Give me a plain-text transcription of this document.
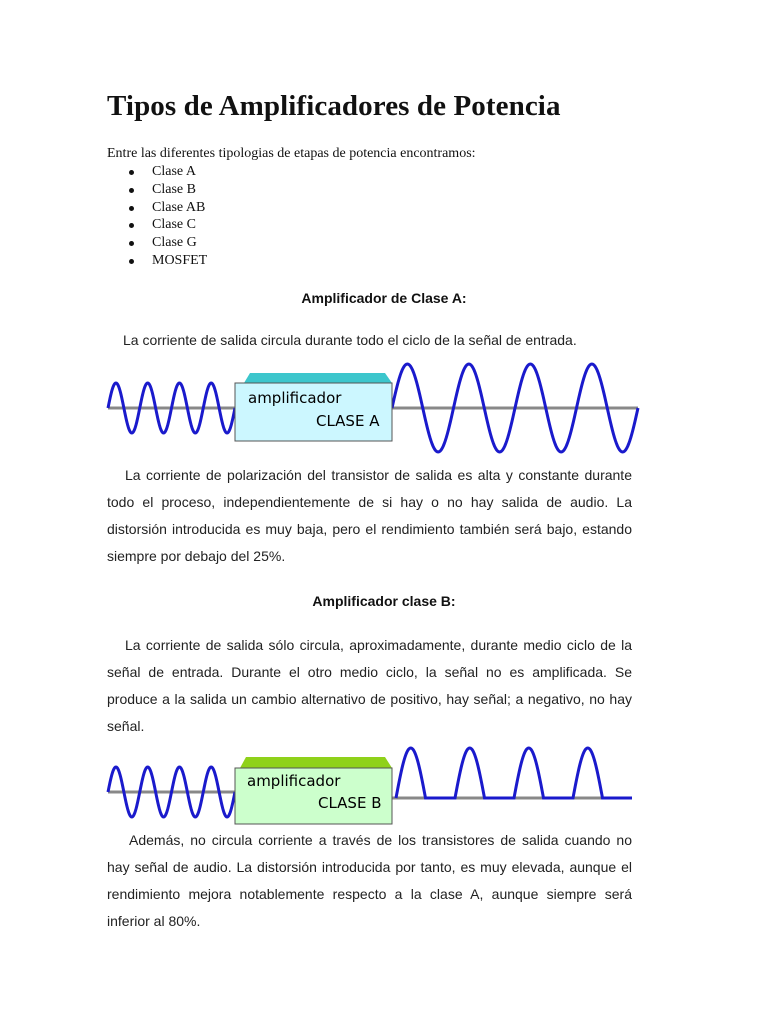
Tipos de Amplificadores de Potencia
Entre las diferentes tipologias de etapas de potencia encontramos:
Clase A
Clase B
Clase AB
Clase C
Clase G
MOSFET
Amplificador de Clase A:
La corriente de salida circula durante todo el ciclo de la señal de entrada.
amplificador
CLASE A

La corriente de polarización del transistor de salida es alta y constante durante todo el proceso, independientemente de si hay o no hay salida de audio. La distorsión introducida es muy baja, pero el rendimiento también será bajo, estando siempre por debajo del 25%.

Amplificador clase B:

La corriente de salida sólo circula, aproximadamente, durante medio ciclo de la señal de entrada. Durante el otro medio ciclo, la señal no es amplificada. Se produce a la salida un cambio alternativo de positivo, hay señal; a negativo, no hay señal.

amplificador
CLASE B

Además, no circula corriente a través de los transistores de salida cuando no hay señal de audio. La distorsión introducida por tanto, es muy elevada, aunque el rendimiento mejora notablemente respecto a la clase A, aunque siempre será inferior al 80%.
